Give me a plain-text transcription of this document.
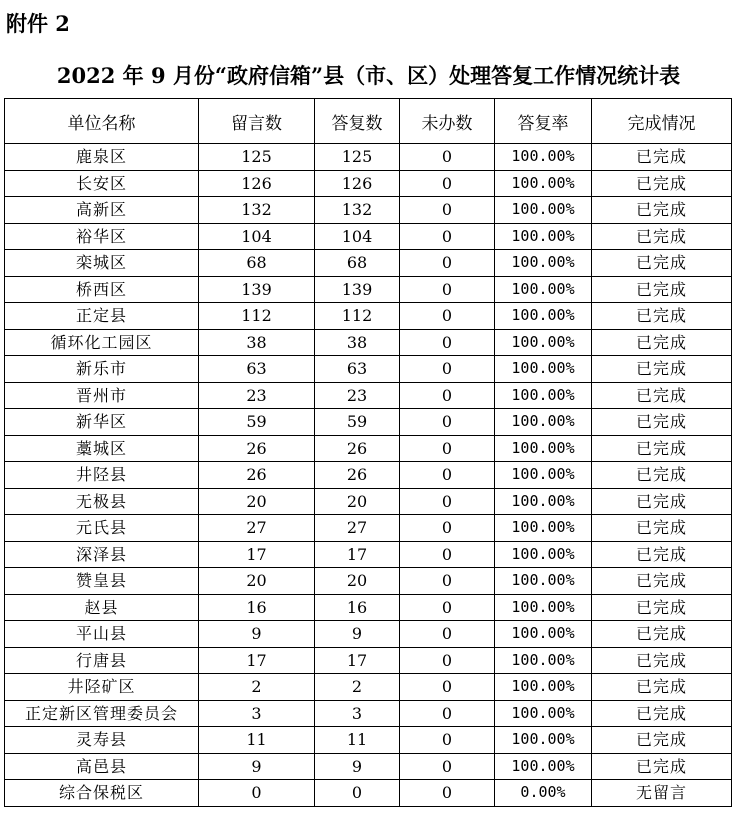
附件 2
2022 年 9 月份“政府信箱”县（市、区）处理答复工作情况统计表
单位名称	留言数	答复数	未办数	答复率	完成情况
鹿泉区	125	125	0	100.00%	已完成
长安区	126	126	0	100.00%	已完成
高新区	132	132	0	100.00%	已完成
裕华区	104	104	0	100.00%	已完成
栾城区	68	68	0	100.00%	已完成
桥西区	139	139	0	100.00%	已完成
正定县	112	112	0	100.00%	已完成
循环化工园区	38	38	0	100.00%	已完成
新乐市	63	63	0	100.00%	已完成
晋州市	23	23	0	100.00%	已完成
新华区	59	59	0	100.00%	已完成
藁城区	26	26	0	100.00%	已完成
井陉县	26	26	0	100.00%	已完成
无极县	20	20	0	100.00%	已完成
元氏县	27	27	0	100.00%	已完成
深泽县	17	17	0	100.00%	已完成
赞皇县	20	20	0	100.00%	已完成
赵县	16	16	0	100.00%	已完成
平山县	9	9	0	100.00%	已完成
行唐县	17	17	0	100.00%	已完成
井陉矿区	2	2	0	100.00%	已完成
正定新区管理委员会	3	3	0	100.00%	已完成
灵寿县	11	11	0	100.00%	已完成
高邑县	9	9	0	100.00%	已完成
综合保税区	0	0	0	0.00%	无留言
